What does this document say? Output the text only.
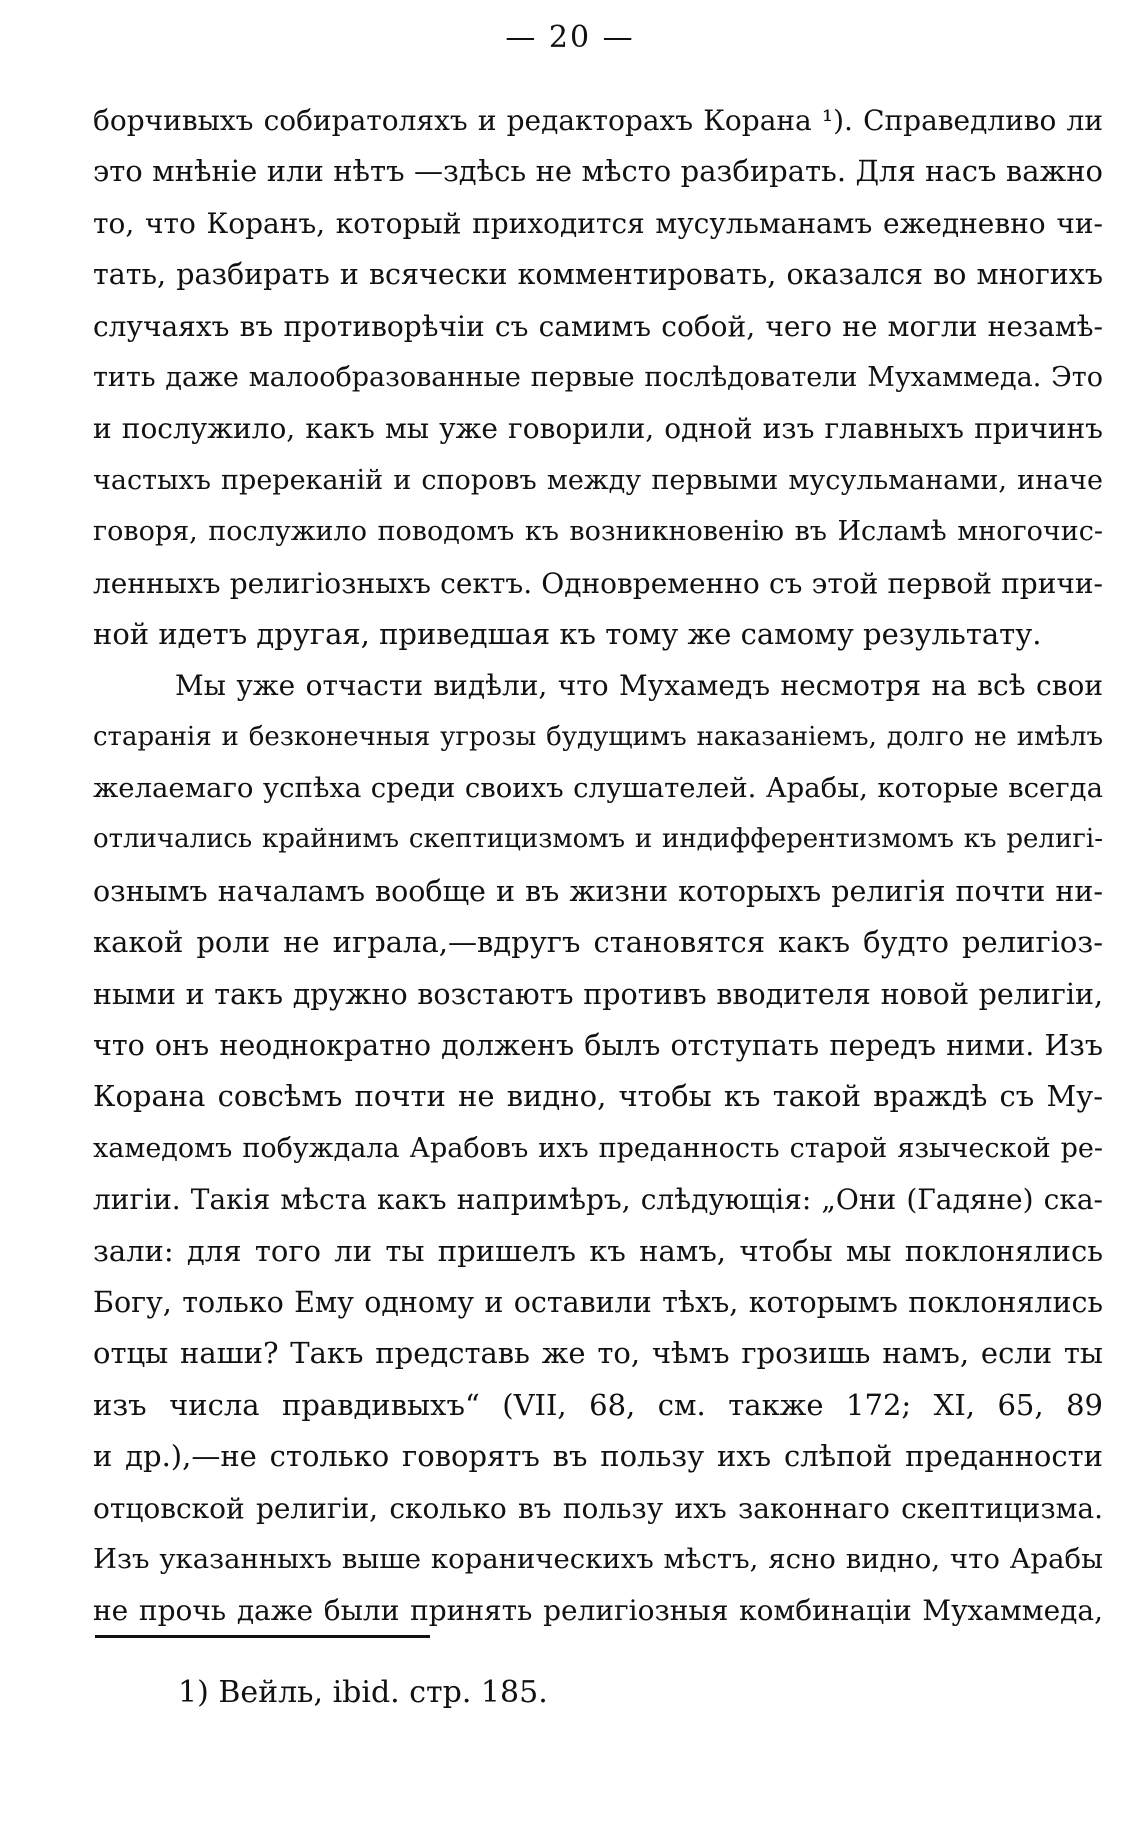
— 20 —
борчивыхъ собиратоляхъ и редакторахъ Корана ¹). Справедливо ли
это мнѣніе или нѣтъ —здѣсь не мѣсто разбирать. Для насъ важно
то, что Коранъ, который приходится мусульманамъ ежедневно чи-
тать, разбирать и всячески комментировать, оказался во многихъ
случаяхъ въ противорѣчіи съ самимъ собой, чего не могли незамѣ-
тить даже малообразованные первые послѣдователи Мухаммеда. Это
и послужило, какъ мы уже говорили, одной изъ главныхъ причинъ
частыхъ пререканій и споровъ между первыми мусульманами, иначе
говоря, послужило поводомъ къ возникновенію въ Исламѣ многочис-
ленныхъ религіозныхъ сектъ. Одновременно съ этой первой причи-
ной идетъ другая, приведшая къ тому же самому результату.
Мы уже отчасти видѣли, что Мухамедъ несмотря на всѣ свои
старанія и безконечныя угрозы будущимъ наказаніемъ, долго не имѣлъ
желаемаго успѣха среди своихъ слушателей. Арабы, которые всегда
отличались крайнимъ скептицизмомъ и индифферентизмомъ къ религі-
ознымъ началамъ вообще и въ жизни которыхъ религія почти ни-
какой роли не играла,—вдругъ становятся какъ будто религіоз-
ными и такъ дружно возстаютъ противъ вводителя новой религіи,
что онъ неоднократно долженъ былъ отступать передъ ними. Изъ
Корана совсѣмъ почти не видно, чтобы къ такой враждѣ съ Му-
хамедомъ побуждала Арабовъ ихъ преданность старой языческой ре-
лигіи. Такія мѣста какъ напримѣръ, слѣдующія: „Они (Гадяне) ска-
зали: для того ли ты пришелъ къ намъ, чтобы мы поклонялись
Богу, только Ему одному и оставили тѣхъ, которымъ поклонялись
отцы наши? Такъ представь же то, чѣмъ грозишь намъ, если ты
изъ числа правдивыхъ“ (VII, 68, см. также 172; XI, 65, 89
и др.),—не столько говорятъ въ пользу ихъ слѣпой преданности
отцовской религіи, сколько въ пользу ихъ законнаго скептицизма.
Изъ указанныхъ выше кораническихъ мѣстъ, ясно видно, что Арабы
не прочь даже были принять религіозныя комбинаціи Мухаммеда,
1) Вейль, ibid. стр. 185.
